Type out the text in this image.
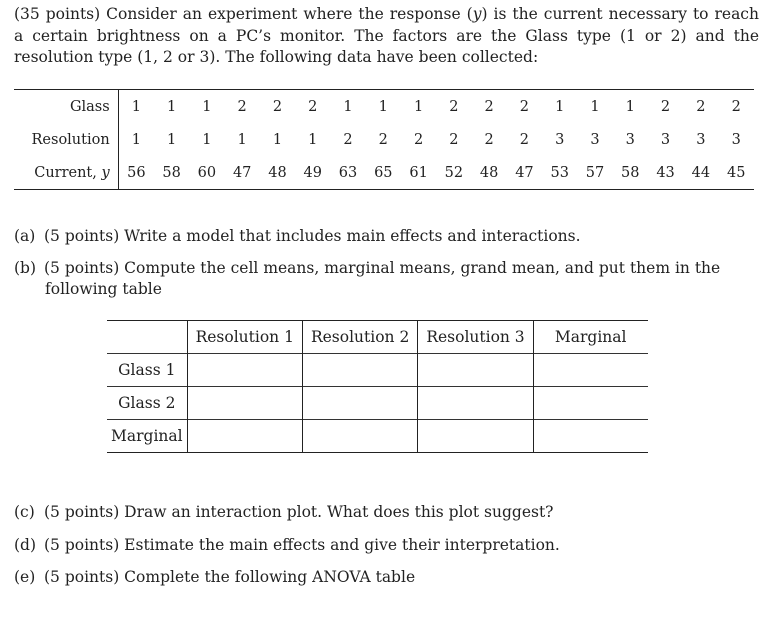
(35 points) Consider an experiment where the response (y) is the current necessary to reach
a certain brightness on a PC’s monitor. The factors are the Glass type (1 or 2) and the
resolution type (1, 2 or 3). The following data have been collected:
Glass		1	1	1	2	2	2	1	1	1	2	2	2	1	1	1	2	2	2
Resolution		1	1	1	1	1	1	2	2	2	2	2	2	3	3	3	3	3	3
Current, y		56	58	60	47	48	49	63	65	61	52	48	47	53	57	58	43	44	45
(a) (5 points) Write a model that includes main effects and interactions.
(b) (5 points) Compute the cell means, marginal means, grand mean, and put them in the
following table
	Resolution 1	Resolution 2	Resolution 3	Marginal
Glass 1				
Glass 2				
Marginal				
(c) (5 points) Draw an interaction plot. What does this plot suggest?
(d) (5 points) Estimate the main effects and give their interpretation.
(e) (5 points) Complete the following ANOVA table
